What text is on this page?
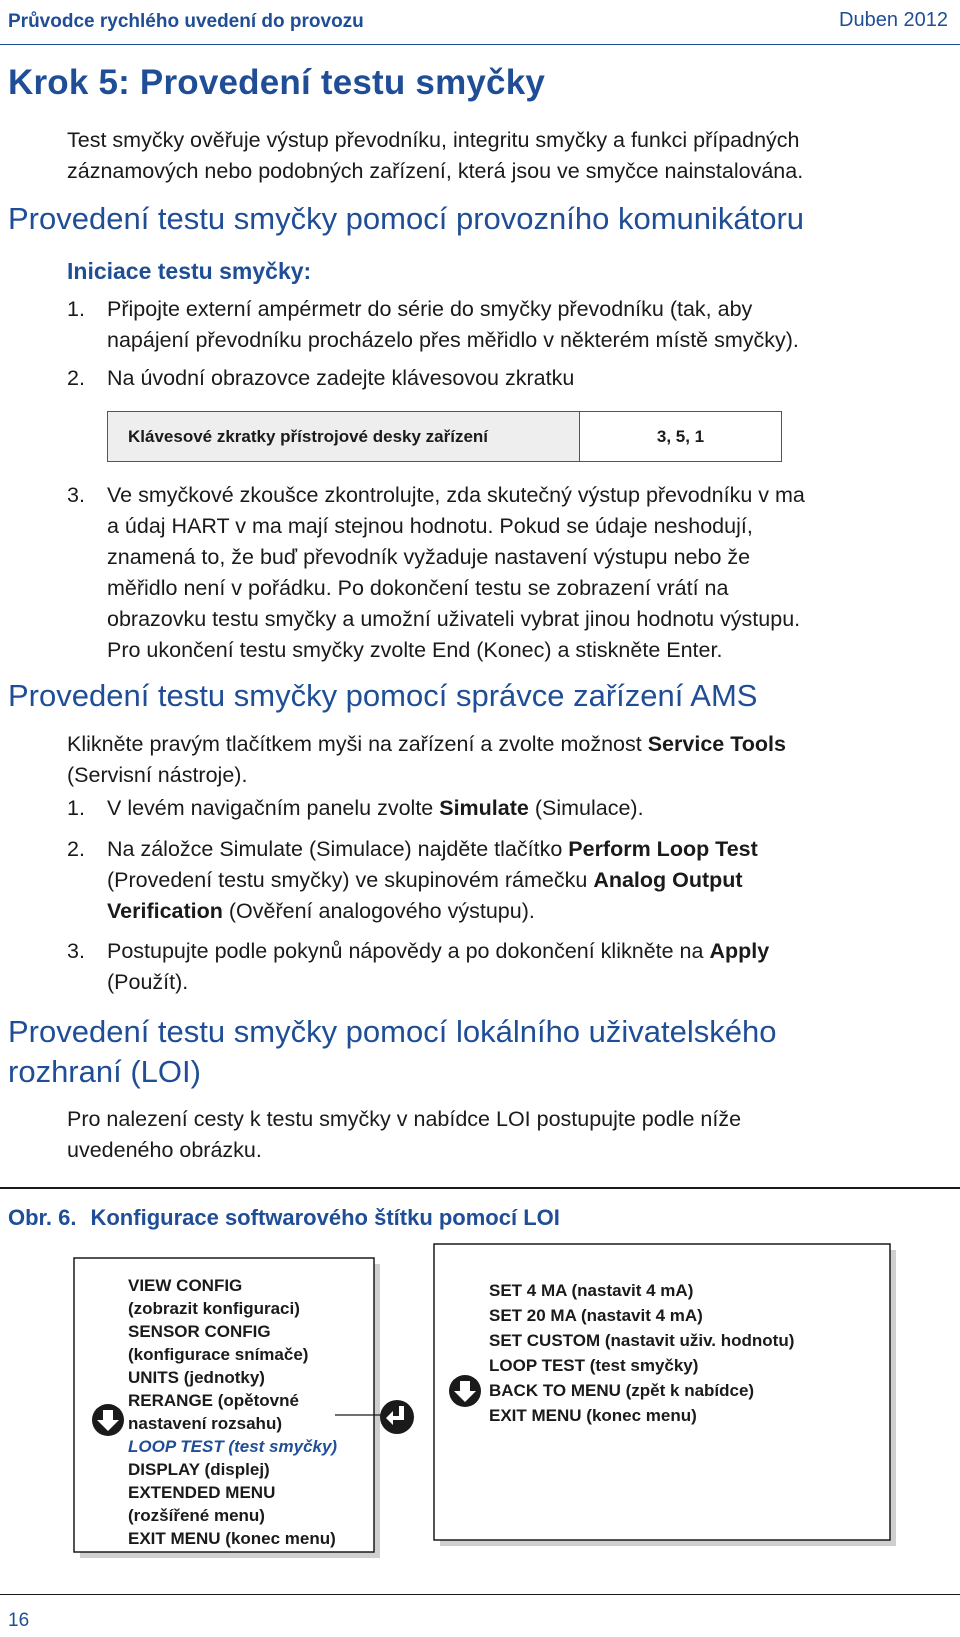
Průvodce rychlého uvedení do provozu	Duben 2012
Krok 5: Provedení testu smyčky
Test smyčky ověřuje výstup převodníku, integritu smyčky a funkci případných
záznamových nebo podobných zařízení, která jsou ve smyčce nainstalována.
Provedení testu smyčky pomocí provozního komunikátoru
Iniciace testu smyčky:
1. Připojte externí ampérmetr do série do smyčky převodníku (tak, aby
napájení převodníku procházelo přes měřidlo v některém místě smyčky).
2. Na úvodní obrazovce zadejte klávesovou zkratku
Klávesové zkratky přístrojové desky zařízení	3, 5, 1
3. Ve smyčkové zkoušce zkontrolujte, zda skutečný výstup převodníku v ma
a údaj HART v ma mají stejnou hodnotu. Pokud se údaje neshodují,
znamená to, že buď převodník vyžaduje nastavení výstupu nebo že
měřidlo není v pořádku. Po dokončení testu se zobrazení vrátí na
obrazovku testu smyčky a umožní uživateli vybrat jinou hodnotu výstupu.
Pro ukončení testu smyčky zvolte End (Konec) a stiskněte Enter.
Provedení testu smyčky pomocí správce zařízení AMS
Klikněte pravým tlačítkem myši na zařízení a zvolte možnost Service Tools
(Servisní nástroje).
1. V levém navigačním panelu zvolte Simulate (Simulace).
2. Na záložce Simulate (Simulace) najděte tlačítko Perform Loop Test
(Provedení testu smyčky) ve skupinovém rámečku Analog Output
Verification (Ověření analogového výstupu).
3. Postupujte podle pokynů nápovědy a po dokončení klikněte na Apply
(Použít).
Provedení testu smyčky pomocí lokálního uživatelského
rozhraní (LOI)
Pro nalezení cesty k testu smyčky v nabídce LOI postupujte podle níže
uvedeného obrázku.
Obr. 6. Konfigurace softwarového štítku pomocí LOI
VIEW CONFIG
(zobrazit konfiguraci)
SENSOR CONFIG
(konfigurace snímače)
UNITS (jednotky)
RERANGE (opětovné
nastavení rozsahu)
LOOP TEST (test smyčky)
DISPLAY (displej)
EXTENDED MENU
(rozšířené menu)
EXIT MENU (konec menu)
SET 4 MA (nastavit 4 mA)
SET 20 MA (nastavit 4 mA)
SET CUSTOM (nastavit uživ. hodnotu)
LOOP TEST (test smyčky)
BACK TO MENU (zpět k nabídce)
EXIT MENU (konec menu)
16
